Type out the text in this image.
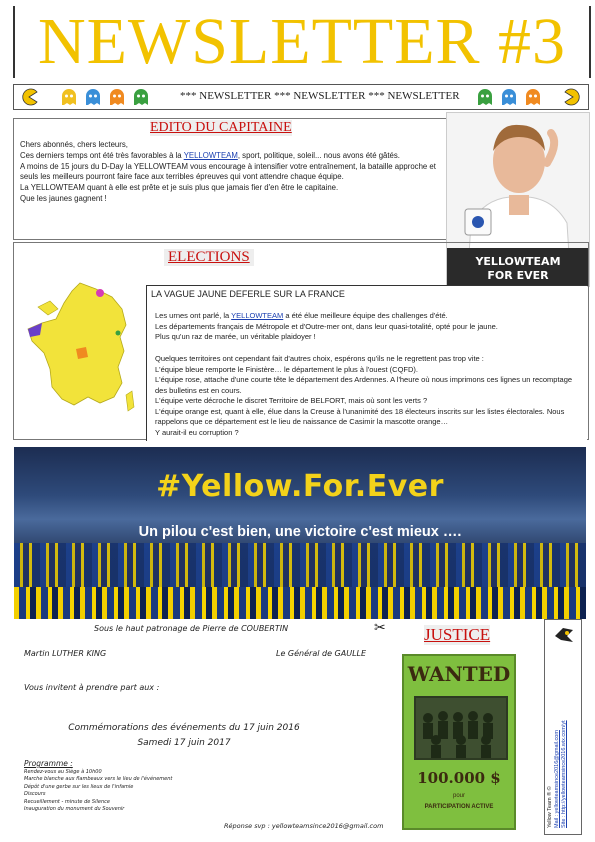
NEWSLETTER #3
*** NEWSLETTER *** NEWSLETTER *** NEWSLETTER
EDITO DU CAPITAINE
Chers abonnés, chers lecteurs,
Ces derniers temps ont été très favorables à la YELLOWTEAM, sport, politique, soleil... nous avons été gâtés.
A moins de 15 jours du D-Day la YELLOWTEAM vous encourage à intensifier votre entraînement, la bataille approche et seuls les meilleurs pourront faire face aux terribles épreuves qui vont attendre chaque équipe.
La YELLOWTEAM quant à elle est prête et je suis plus que jamais fier d'en être le capitaine.
Que les jaunes gagnent !
YELLOWTEAM
FOR EVER
ELECTIONS
LA VAGUE JAUNE DEFERLE SUR LA FRANCE
Les urnes ont parlé, la YELLOWTEAM a été élue meilleure équipe des challenges d'été.
Les départements français de Métropole et d'Outre-mer ont, dans leur quasi-totalité, opté pour le jaune.
Plus qu'un raz de marée, un véritable plaidoyer !
Quelques territoires ont cependant fait d'autres choix, espérons qu'ils ne le regrettent pas trop vite :
L'équipe bleue remporte le Finistère… le département le plus à l'ouest (CQFD).
L'équipe rose, attache d'une courte tête le département des Ardennes. A l'heure où nous imprimons ces lignes un recomptage des bulletins est en cours.
L'équipe verte décroche le discret Territoire de BELFORT, mais où sont les verts ?
L'équipe orange est, quant à elle, élue dans la Creuse à l'unanimité des 18 électeurs inscrits sur les listes électorales. Nous rappelons que ce département est le lieu de naissance de Casimir la mascotte orange…
Y aurait-il eu corruption ?
#Yellow.For.Ever
Un pilou c'est bien, une victoire c'est mieux ….
Sous le haut patronage de Pierre de COUBERTIN	✂
Martin LUTHER KING	Le Général de GAULLE
Vous invitent à prendre part aux :
Commémorations des événements du 17 juin 2016
Samedi 17 juin 2017
Programme :
Rendez-vous au Siège à 10h00
Marche blanche aux flambeaux vers le lieu de l'événement
Dépôt d'une gerbe sur les lieux de l'infamie
Discours
Recueillement - minute de Silence
Inauguration du monument du Souvenir
Réponse svp : yellowteamsince2016@gmail.com
JUSTICE
WANTED
100.000 $
pour
PARTICIPATION ACTIVE	Yellow Team ® © Mail : yellowteamsince2016@gmail.com Site : http://yellowteamsince2016.wix.com/yt
